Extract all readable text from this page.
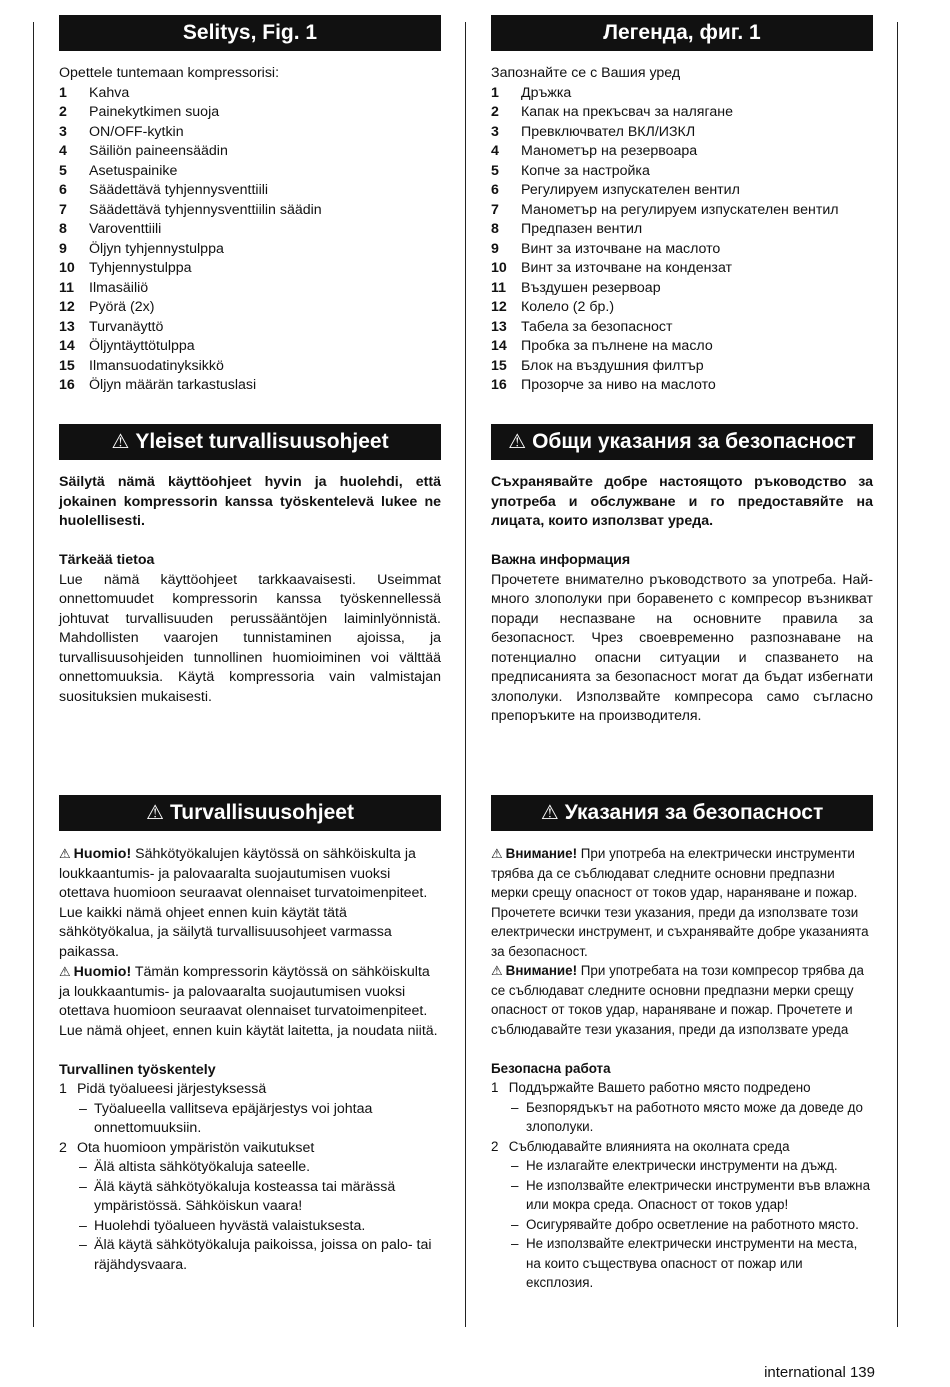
Selitys, Fig. 1

Opettele tuntemaan kompressorisi:

1	Kahva
2	Painekytkimen suoja
3	ON/OFF-kytkin
4	Säiliön paineensäädin
5	Asetuspainike
6	Säädettävä tyhjennysventtiili
7	Säädettävä tyhjennysventtiilin säädin
8	Varoventtiili
9	Öljyn tyhjennystulppa
10	Tyhjennystulppa
11	Ilmasäiliö
12	Pyörä (2x)
13	Turvanäyttö
14	Öljyntäyttötulppa
15	Ilmansuodatinyksikkö
16	Öljyn määrän tarkastuslasi
⚠ Yleiset turvallisuusohjeet

Säilytä nämä käyttöohjeet hyvin ja huolehdi, että jokainen kompressorin kanssa työskentelevä lukee ne huolellisesti.

Tärkeää tietoa

Lue nämä käyttöohjeet tarkkaavaisesti. Useimmat onnettomuudet kompressorin kanssa työskennellessä johtuvat turvallisuuden perussääntöjen laiminlyönnistä. Mahdollisten vaarojen tunnistaminen ajoissa, ja turvallisuusohjeiden tunnollinen huomioiminen voi välttää onnettomuuksia. Käytä kompressoria vain valmistajan suosituksien mukaisesti.

⚠ Turvallisuusohjeet

⚠ Huomio! Sähkötyökalujen käytössä on sähköiskulta ja loukkaantumis- ja palovaaralta suojautumisen vuoksi otettava huomioon seuraavat olennaiset turvatoimenpiteet. Lue kaikki nämä ohjeet ennen kuin käytät tätä sähkötyökalua, ja säilytä turvallisuusohjeet varmassa paikassa.

⚠ Huomio! Tämän kompressorin käytössä on sähköiskulta ja loukkaantumis- ja palovaaralta suojautumisen vuoksi otettava huomioon seuraavat olennaiset turvatoimenpiteet.

Lue nämä ohjeet, ennen kuin käytät laitetta, ja noudata niitä.

Turvallinen työskentely

1 Pidä työalueesi järjestyksessä
– Työalueella vallitseva epäjärjestys voi johtaa onnettomuuksiin.
2 Ota huomioon ympäristön vaikutukset
– Älä altista sähkötyökaluja sateelle.
– Älä käytä sähkötyökaluja kosteassa tai märässä ympäristössä. Sähköiskun vaara!
– Huolehdi työalueen hyvästä valaistuksesta.
– Älä käytä sähkötyökaluja paikoissa, joissa on palo- tai räjähdysvaara.
Легенда, фиг. 1

Запознайте се с Вашия уред

1	Дръжка
2	Капак на прекъсвач за налягане
3	Превключвател ВКЛ/ИЗКЛ
4	Манометър на резервоара
5	Копче за настройка
6	Регулируем изпускателен вентил
7	Манометър на регулируем изпускателен вентил
8	Предпазен вентил
9	Винт за източване на маслото
10	Винт за източване на кондензат
11	Въздушен резервоар
12	Колело (2 бр.)
13	Табела за безопасност
14	Пробка за пълнене на масло
15	Блок на въздушния филтър
16	Прозорче за ниво на маслото
⚠ Общи указания за безопасност

Съхранявайте добре настоящото ръководство за употреба и обслужване и го предоставяйте на лицата, които използват уреда.

Важна информация

Прочетете внимателно ръководството за употреба. Най-много злополуки при боравенето с компресор възникват поради неспазване на основните правила за безопасност. Чрез своевременно разпознаване на потенциално опасни ситуации и спазването на предписанията за безопасност могат да бъдат избегнати злополуки. Използвайте компресора само съгласно препоръките на производителя.

⚠ Указания за безопасност

⚠ Внимание! При употреба на електрически инструменти трябва да се съблюдават следните основни предпазни мерки срещу опасност от токов удар, нараняване и пожар. Прочетете всички тези указания, преди да използвате този електрически инструмент, и съхранявайте добре указанията за безопасност.

⚠ Внимание! При употребата на този компресор трябва да се съблюдават следните основни предпазни мерки срещу опасност от токов удар, нараняване и пожар. Прочетете и съблюдавайте тези указания, преди да използвате уреда

Безопасна работа

1 Поддържайте Вашето работно място подредено
– Безпорядъкът на работното място може да доведе до злополуки.
2 Съблюдавайте влиянията на околната среда
– Не излагайте електрически инструменти на дъжд.
– Не използвайте електрически инструменти във влажна или мокра среда. Опасност от токов удар!
– Осигурявайте добро осветление на работното място.
– Не използвайте електрически инструменти на места, на които съществува опасност от пожар или експлозия.
international 139
